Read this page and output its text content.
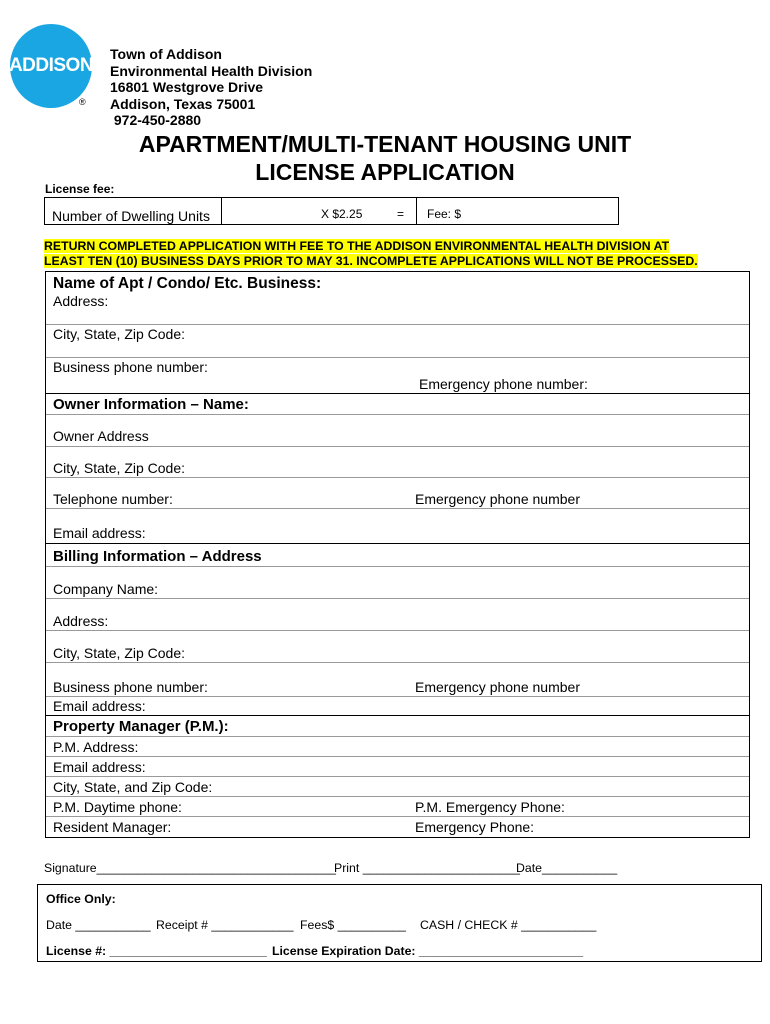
ADDISON
®
Town of Addison
Environmental Health Division
16801 Westgrove Drive
Addison, Texas 75001
972-450-2880
APARTMENT/MULTI-TENANT HOUSING UNIT
LICENSE APPLICATION
License fee:
Number of Dwelling Units	X $2.25	= Fee: $
RETURN COMPLETED APPLICATION WITH FEE TO THE ADDISON ENVIRONMENTAL HEALTH DIVISION AT
LEAST TEN (10) BUSINESS DAYS PRIOR TO MAY 31. INCOMPLETE APPLICATIONS WILL NOT BE PROCESSED.
Name of Apt / Condo/ Etc. Business:
Address:
City, State, Zip Code:
Business phone number:
Emergency phone number:
Owner Information – Name:
Owner Address
City, State, Zip Code:
Telephone number:	Emergency phone number
Email address:
Billing Information – Address
Company Name:
Address:
City, State, Zip Code:
Business phone number:	Emergency phone number
Email address:
Property Manager (P.M.):
P.M. Address:
Email address:
City, State, and Zip Code:
P.M. Daytime phone:	P.M. Emergency Phone:
Resident Manager:	Emergency Phone:
Signature___________________________________
Print _______________________
Date___________
Office Only:
Date ___________ Receipt # ____________ Fees$ __________ CASH / CHECK # ___________
License #: _______________________ License Expiration Date: ________________________
